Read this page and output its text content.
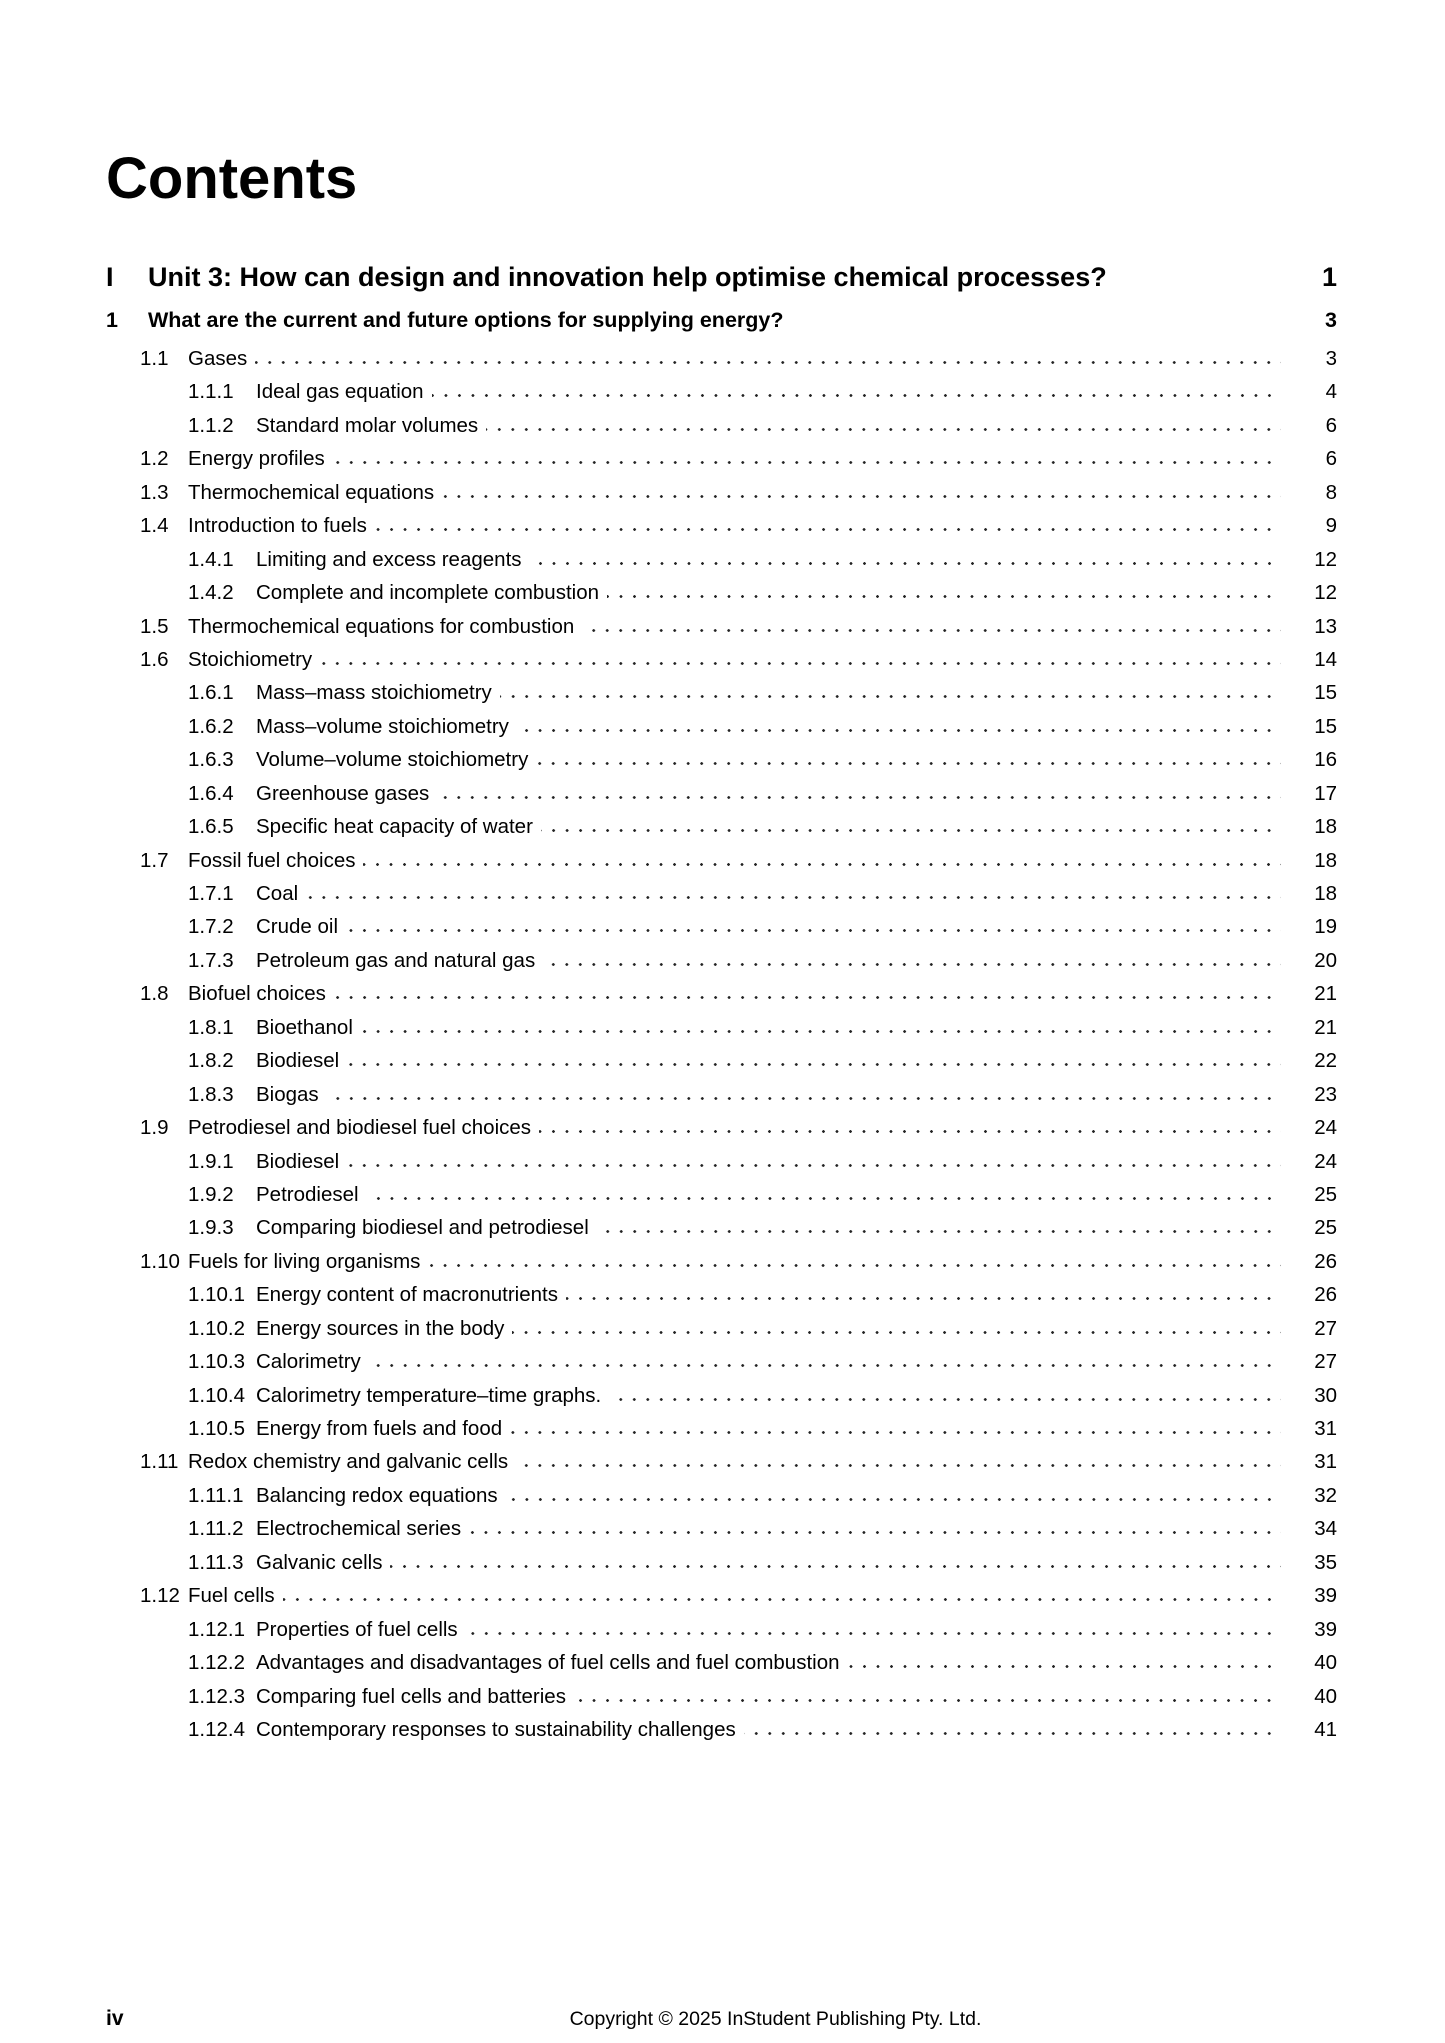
Contents
I	Unit 3: How can design and innovation help optimise chemical processes?	1
1	What are the current and future options for supplying energy?	3
1.1 Gases	3
1.1.1	Ideal gas equation	4
1.1.2	Standard molar volumes	6
1.2 Energy profiles	6
1.3 Thermochemical equations	8
1.4 Introduction to fuels	9
1.4.1	Limiting and excess reagents	12
1.4.2	Complete and incomplete combustion	12
1.5 Thermochemical equations for combustion	13
1.6 Stoichiometry	14
1.6.1	Mass–mass stoichiometry	15
1.6.2	Mass–volume stoichiometry	15
1.6.3	Volume–volume stoichiometry	16
1.6.4	Greenhouse gases	17
1.6.5	Specific heat capacity of water	18
1.7 Fossil fuel choices	18
1.7.1	Coal	18
1.7.2	Crude oil	19
1.7.3	Petroleum gas and natural gas	20
1.8 Biofuel choices	21
1.8.1	Bioethanol	21
1.8.2	Biodiesel	22
1.8.3	Biogas	23
1.9 Petrodiesel and biodiesel fuel choices	24
1.9.1	Biodiesel	24
1.9.2	Petrodiesel	25
1.9.3	Comparing biodiesel and petrodiesel	25
1.10 Fuels for living organisms	26
1.10.1 Energy content of macronutrients	26
1.10.2 Energy sources in the body	27
1.10.3 Calorimetry	27
1.10.4 Calorimetry temperature–time graphs.	30
1.10.5 Energy from fuels and food	31
1.11 Redox chemistry and galvanic cells	31
1.11.1 Balancing redox equations	32
1.11.2 Electrochemical series	34
1.11.3 Galvanic cells	35
1.12 Fuel cells	39
1.12.1 Properties of fuel cells	39
1.12.2 Advantages and disadvantages of fuel cells and fuel combustion	40
1.12.3 Comparing fuel cells and batteries	40
1.12.4 Contemporary responses to sustainability challenges	41
iv	Copyright © 2025 InStudent Publishing Pty. Ltd.
